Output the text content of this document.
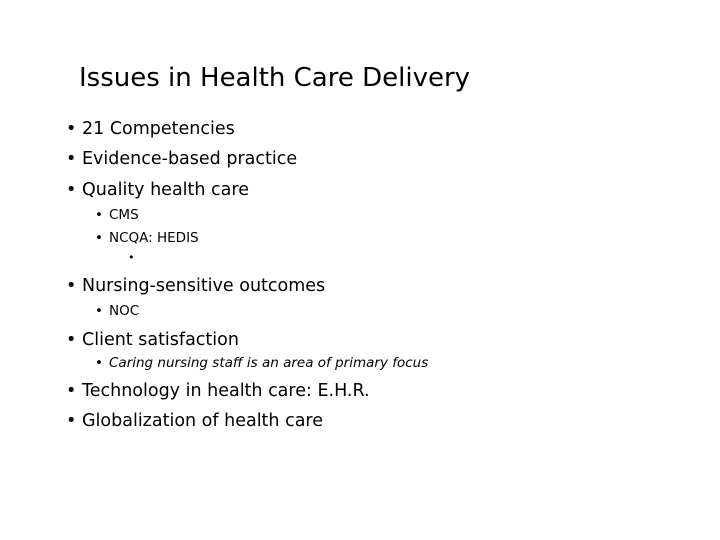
Issues in Health Care Delivery
• 21 Competencies
• Evidence-based practice
• Quality health care
• CMS
• NCQA: HEDIS
•
• Nursing-sensitive outcomes
• NOC
• Client satisfaction
• Caring nursing staff is an area of primary focus
• Technology in health care: E.H.R.
• Globalization of health care
